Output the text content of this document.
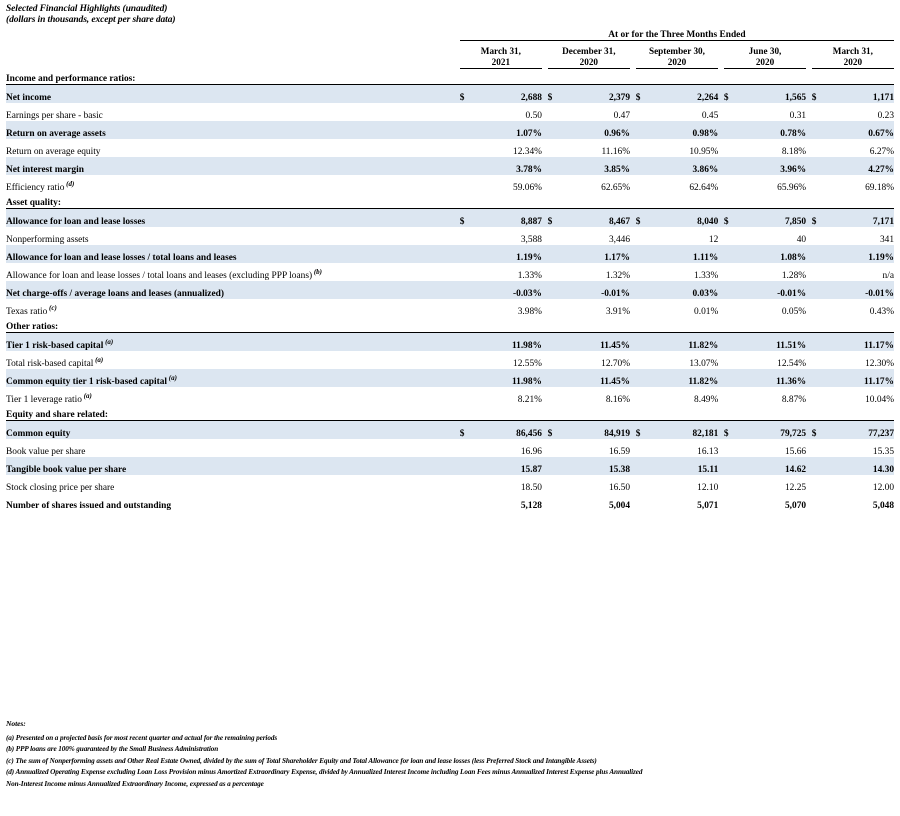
Selected Financial Highlights (unaudited)
(dollars in thousands, except per share data)
	At or for the Three Months Ended													

March 31,
2021

December 31,
2020

September 30,
2020

June 30,
2020

March 31,
2020

Income and performance ratios:														
Net income	$	2,688		$	2,379		$	2,264		$	1,565		$	1,171
Earnings per share - basic		0.50			0.47			0.45			0.31			0.23
Return on average assets		1.07%			0.96%			0.98%			0.78%			0.67%
Return on average equity		12.34%			11.16%			10.95%			8.18%			6.27%
Net interest margin		3.78%			3.85%			3.86%			3.96%			4.27%
Efficiency ratio $^{(d)}$		59.06%			62.65%			62.64%			65.96%			69.18%

Asset quality:														
Allowance for loan and lease losses	$	8,887		$	8,467		$	8,040		$	7,850		$	7,171
Nonperforming assets		3,588			3,446			12			40			341
Allowance for loan and lease losses / total loans and leases		1.19%			1.17%			1.11%			1.08%			1.19%
Allowance for loan and lease losses / total loans and leases (excluding PPP loans) $^{(b)}$		1.33%			1.32%			1.33%			1.28%			n/a
Net charge-offs / average loans and leases (annualized)		-0.03%			-0.01%			0.03%			-0.01%			-0.01%
Texas ratio $^{(c)}$		3.98%			3.91%			0.01%			0.05%			0.43%

Other ratios:														
Tier 1 risk-based capital $^{(a)}$		11.98%			11.45%			11.82%			11.51%			11.17%
Total risk-based capital $^{(a)}$		12.55%			12.70%			13.07%			12.54%			12.30%
Common equity tier 1 risk-based capital $^{(a)}$		11.98%			11.45%			11.82%			11.36%			11.17%
Tier 1 leverage ratio $^{(a)}$		8.21%			8.16%			8.49%			8.87%			10.04%

Equity and share related:														
Common equity	$	86,456		$	84,919		$	82,181		$	79,725		$	77,237
Book value per share		16.96			16.59			16.13			15.66			15.35
Tangible book value per share		15.87			15.38			15.11			14.62			14.30
Stock closing price per share		18.50			16.50			12.10			12.25			12.00
Number of shares issued and outstanding		5,128			5,004			5,071			5,070			5,048
Notes:
(a) Presented on a projected basis for most recent quarter and actual for the remaining periods
(b) PPP loans are 100% guaranteed by the Small Business Administration
(c) The sum of Nonperforming assets and Other Real Estate Owned, divided by the sum of Total Shareholder Equity and Total Allowance for loan and lease losses (less Preferred Stock and Intangible Assets)
(d) Annualized Operating Expense excluding Loan Loss Provision minus Amortized Extraordinary Expense, divided by Annualized Interest Income including Loan Fees minus Annualized Interest Expense plus Annualized
Non-Interest Income minus Annualized Extraordinary Income, expressed as a percentage
